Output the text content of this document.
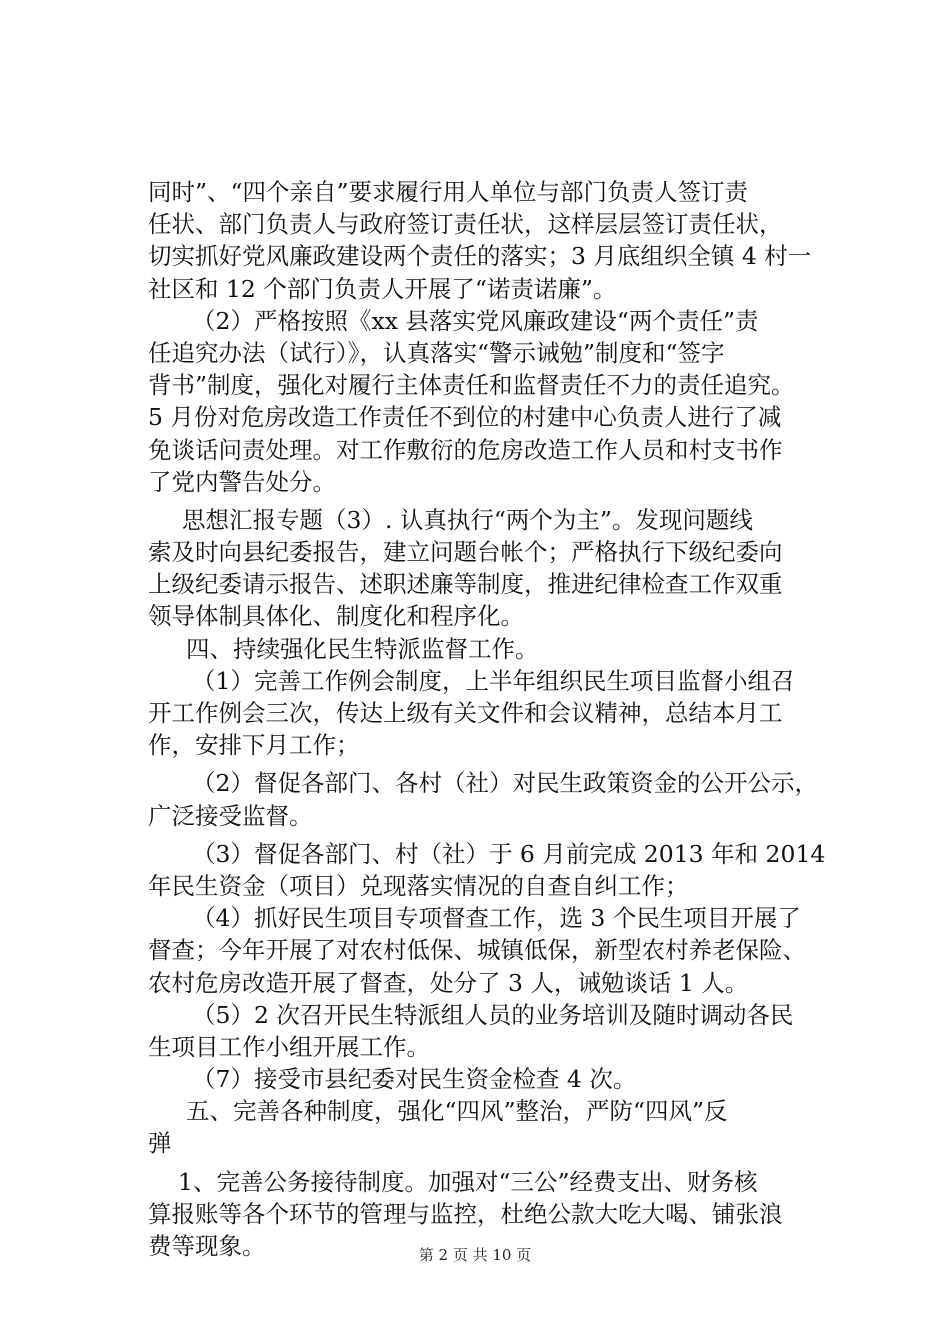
同时”、“四个亲自”要求履行用人单位与部门负责人签订责
任状、部门负责人与政府签订责任状，这样层层签订责任状，
切实抓好党风廉政建设两个责任的落实；3 月底组织全镇 4 村一
社区和 12 个部门负责人开展了“诺责诺廉”。
（2）严格按照《xx 县落实党风廉政建设“两个责任”责
任追究办法（试行）》，认真落实“警示诫勉”制度和“签字
背书”制度，强化对履行主体责任和监督责任不力的责任追究。
5 月份对危房改造工作责任不到位的村建中心负责人进行了减
免谈话问责处理。对工作敷衍的危房改造工作人员和村支书作
了党内警告处分。
思想汇报专题（3）. 认真执行“两个为主”。发现问题线
索及时向县纪委报告，建立问题台帐个；严格执行下级纪委向
上级纪委请示报告、述职述廉等制度，推进纪律检查工作双重
领导体制具体化、制度化和程序化。
四、持续强化民生特派监督工作。
（1）完善工作例会制度，上半年组织民生项目监督小组召
开工作例会三次，传达上级有关文件和会议精神，总结本月工
作，安排下月工作；
（2）督促各部门、各村（社）对民生政策资金的公开公示，
广泛接受监督。
（3）督促各部门、村（社）于 6 月前完成 2013 年和 2014
年民生资金（项目）兑现落实情况的自查自纠工作；
（4）抓好民生项目专项督查工作，选 3 个民生项目开展了
督查；今年开展了对农村低保、城镇低保，新型农村养老保险、
农村危房改造开展了督查，处分了 3 人，诫勉谈话 1 人。
（5）2 次召开民生特派组人员的业务培训及随时调动各民
生项目工作小组开展工作。
（7）接受市县纪委对民生资金检查 4 次。
五、完善各种制度，强化“四风”整治，严防“四风”反
弹
1、完善公务接待制度。加强对“三公”经费支出、财务核
算报账等各个环节的管理与监控，杜绝公款大吃大喝、铺张浪
费等现象。	第 2 页 共 10 页
